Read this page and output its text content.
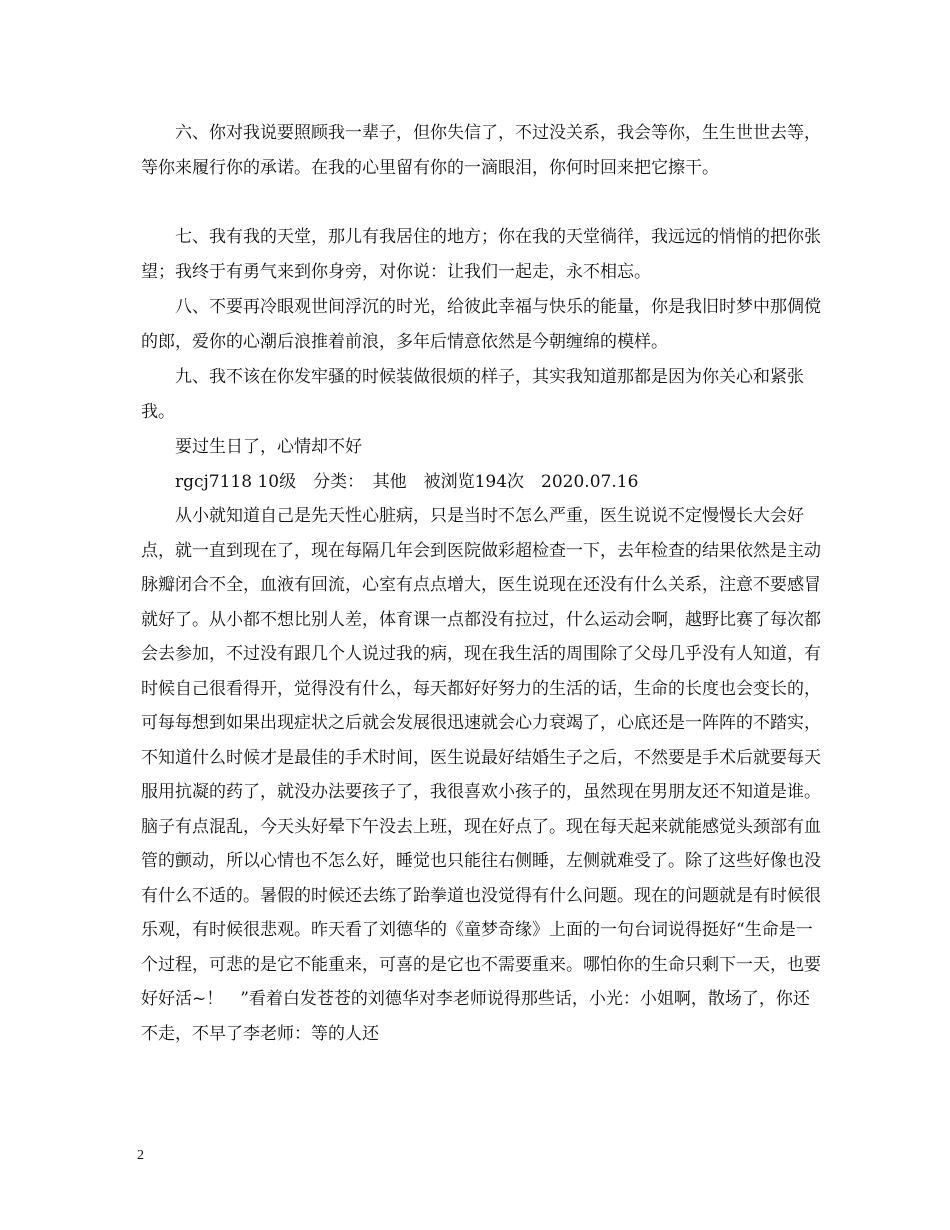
　　六、你对我说要照顾我一辈子，但你失信了，不过没关系，我会等你，生生世世去等，等你来履行你的承诺。在我的心里留有你的一滴眼泪，你何时回来把它擦干。

　　七、我有我的天堂，那儿有我居住的地方；你在我的天堂徜徉，我远远的悄悄的把你张望；我终于有勇气来到你身旁，对你说：让我们一起走，永不相忘。

　　八、不要再冷眼观世间浮沉的时光，给彼此幸福与快乐的能量，你是我旧时梦中那倜傥的郎，爱你的心潮后浪推着前浪，多年后情意依然是今朝缠绵的模样。

　　九、我不该在你发牢骚的时候装做很烦的样子，其实我知道那都是因为你关心和紧张我。

　　要过生日了，心情却不好

　　rgcj7118 10级　分类：　其他　被浏览194次　2020.07.16

　　从小就知道自己是先天性心脏病，只是当时不怎么严重，医生说说不定慢慢长大会好点，就一直到现在了，现在每隔几年会到医院做彩超检查一下，去年检查的结果依然是主动脉瓣闭合不全，血液有回流，心室有点点增大，医生说现在还没有什么关系，注意不要感冒就好了。从小都不想比别人差，体育课一点都没有拉过，什么运动会啊，越野比赛了每次都会去参加，不过没有跟几个人说过我的病，现在我生活的周围除了父母几乎没有人知道，有时候自己很看得开，觉得没有什么，每天都好好努力的生活的话，生命的长度也会变长的，可每每想到如果出现症状之后就会发展很迅速就会心力衰竭了，心底还是一阵阵的不踏实，不知道什么时候才是最佳的手术时间，医生说最好结婚生子之后，不然要是手术后就要每天服用抗凝的药了，就没办法要孩子了，我很喜欢小孩子的，虽然现在男朋友还不知道是谁。脑子有点混乱，今天头好晕下午没去上班，现在好点了。现在每天起来就能感觉头颈部有血管的颤动，所以心情也不怎么好，睡觉也只能往右侧睡，左侧就难受了。除了这些好像也没有什么不适的。暑假的时候还去练了跆拳道也没觉得有什么问题。现在的问题就是有时候很乐观，有时候很悲观。昨天看了刘德华的《童梦奇缘》上面的一句台词说得挺好“生命是一个过程，可悲的是它不能重来，可喜的是它也不需要重来。哪怕你的生命只剩下一天，也要好好活~！　”看着白发苍苍的刘德华对李老师说得那些话，小光：小姐啊，散场了，你还不走，不早了李老师：等的人还

2
